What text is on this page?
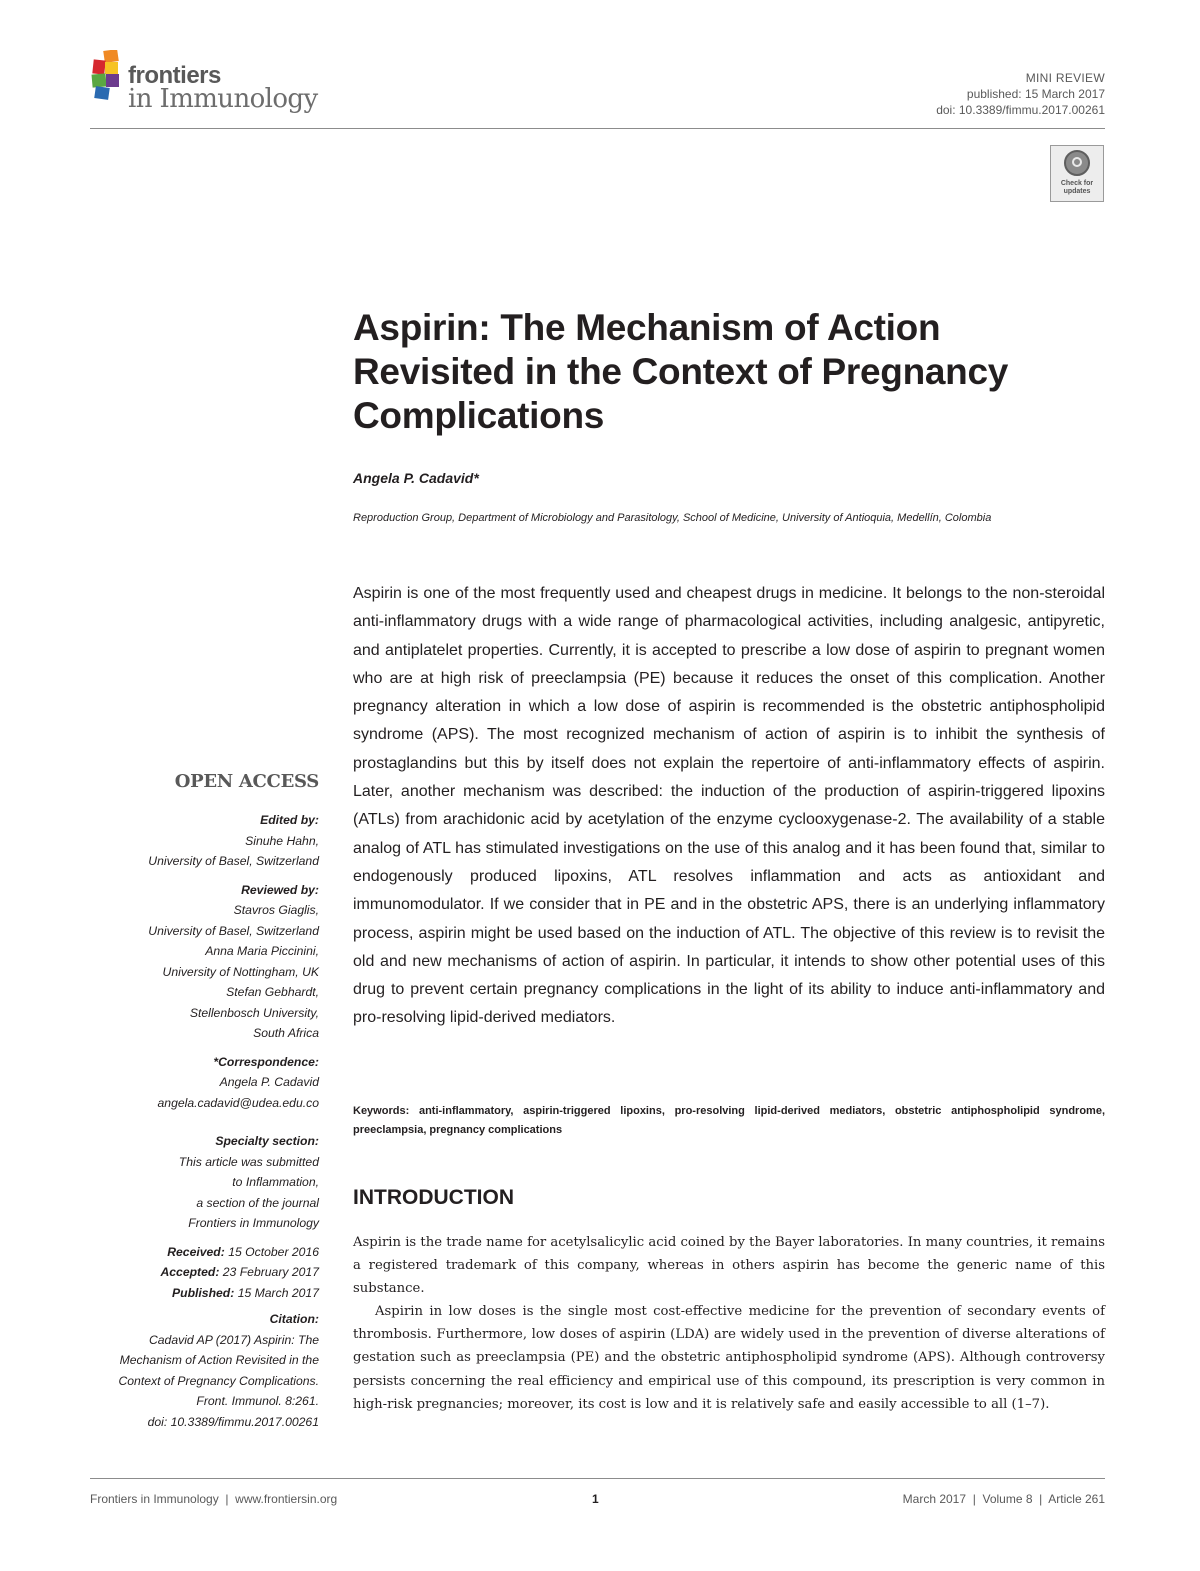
frontiers
in Immunology
MINI REVIEW
published: 15 March 2017
doi: 10.3389/fimmu.2017.00261
Check for updates
Aspirin: The Mechanism of Action Revisited in the Context of Pregnancy Complications
Angela P. Cadavid*
Reproduction Group, Department of Microbiology and Parasitology, School of Medicine, University of Antioquia, Medellín, Colombia

Aspirin is one of the most frequently used and cheapest drugs in medicine. It belongs to the non-steroidal anti-inflammatory drugs with a wide range of pharmacological activities, including analgesic, antipyretic, and antiplatelet properties. Currently, it is accepted to prescribe a low dose of aspirin to pregnant women who are at high risk of preeclampsia (PE) because it reduces the onset of this complication. Another pregnancy alteration in which a low dose of aspirin is recommended is the obstetric antiphospholipid syndrome (APS). The most recognized mechanism of action of aspirin is to inhibit the synthesis of prostaglandins but this by itself does not explain the repertoire of anti-inflammatory effects of aspirin. Later, another mechanism was described: the induction of the production of aspirin-triggered lipoxins (ATLs) from arachidonic acid by acetylation of the enzyme cyclooxygenase-2. The availability of a stable analog of ATL has stimulated investigations on the use of this analog and it has been found that, similar to endogenously produced lipoxins, ATL resolves inflammation and acts as antioxidant and immunomodulator. If we consider that in PE and in the obstetric APS, there is an underlying inflammatory process, aspirin might be used based on the induction of ATL. The objective of this review is to revisit the old and new mechanisms of action of aspirin. In particular, it intends to show other potential uses of this drug to prevent certain pregnancy complications in the light of its ability to induce anti-inflammatory and pro-resolving lipid-derived mediators.

Keywords: anti-inflammatory, aspirin-triggered lipoxins, pro-resolving lipid-derived mediators, obstetric antiphospholipid syndrome, preeclampsia, pregnancy complications
INTRODUCTION

Aspirin is the trade name for acetylsalicylic acid coined by the Bayer laboratories. In many countries, it remains a registered trademark of this company, whereas in others aspirin has become the generic name of this substance.

Aspirin in low doses is the single most cost-effective medicine for the prevention of secondary events of thrombosis. Furthermore, low doses of aspirin (LDA) are widely used in the prevention of diverse alterations of gestation such as preeclampsia (PE) and the obstetric antiphospholipid syndrome (APS). Although controversy persists concerning the real efficiency and empirical use of this compound, its prescription is very common in high-risk pregnancies; moreover, its cost is low and it is relatively safe and easily accessible to all (1–7).

OPEN ACCESS
Edited by:
Sinuhe Hahn,
University of Basel, Switzerland
Reviewed by:
Stavros Giaglis,
University of Basel, Switzerland
Anna Maria Piccinini,
University of Nottingham, UK
Stefan Gebhardt,
Stellenbosch University,
South Africa
*Correspondence:
Angela P. Cadavid
angela.cadavid@udea.edu.co
Specialty section:
This article was submitted
to Inflammation,
a section of the journal
Frontiers in Immunology
Received: 15 October 2016
Accepted: 23 February 2017
Published: 15 March 2017
Citation:
Cadavid AP (2017) Aspirin: The
Mechanism of Action Revisited in the
Context of Pregnancy Complications.
Front. Immunol. 8:261.
doi: 10.3389/fimmu.2017.00261
Frontiers in Immunology  |  www.frontiersin.org	1	March 2017  |  Volume 8  |  Article 261
